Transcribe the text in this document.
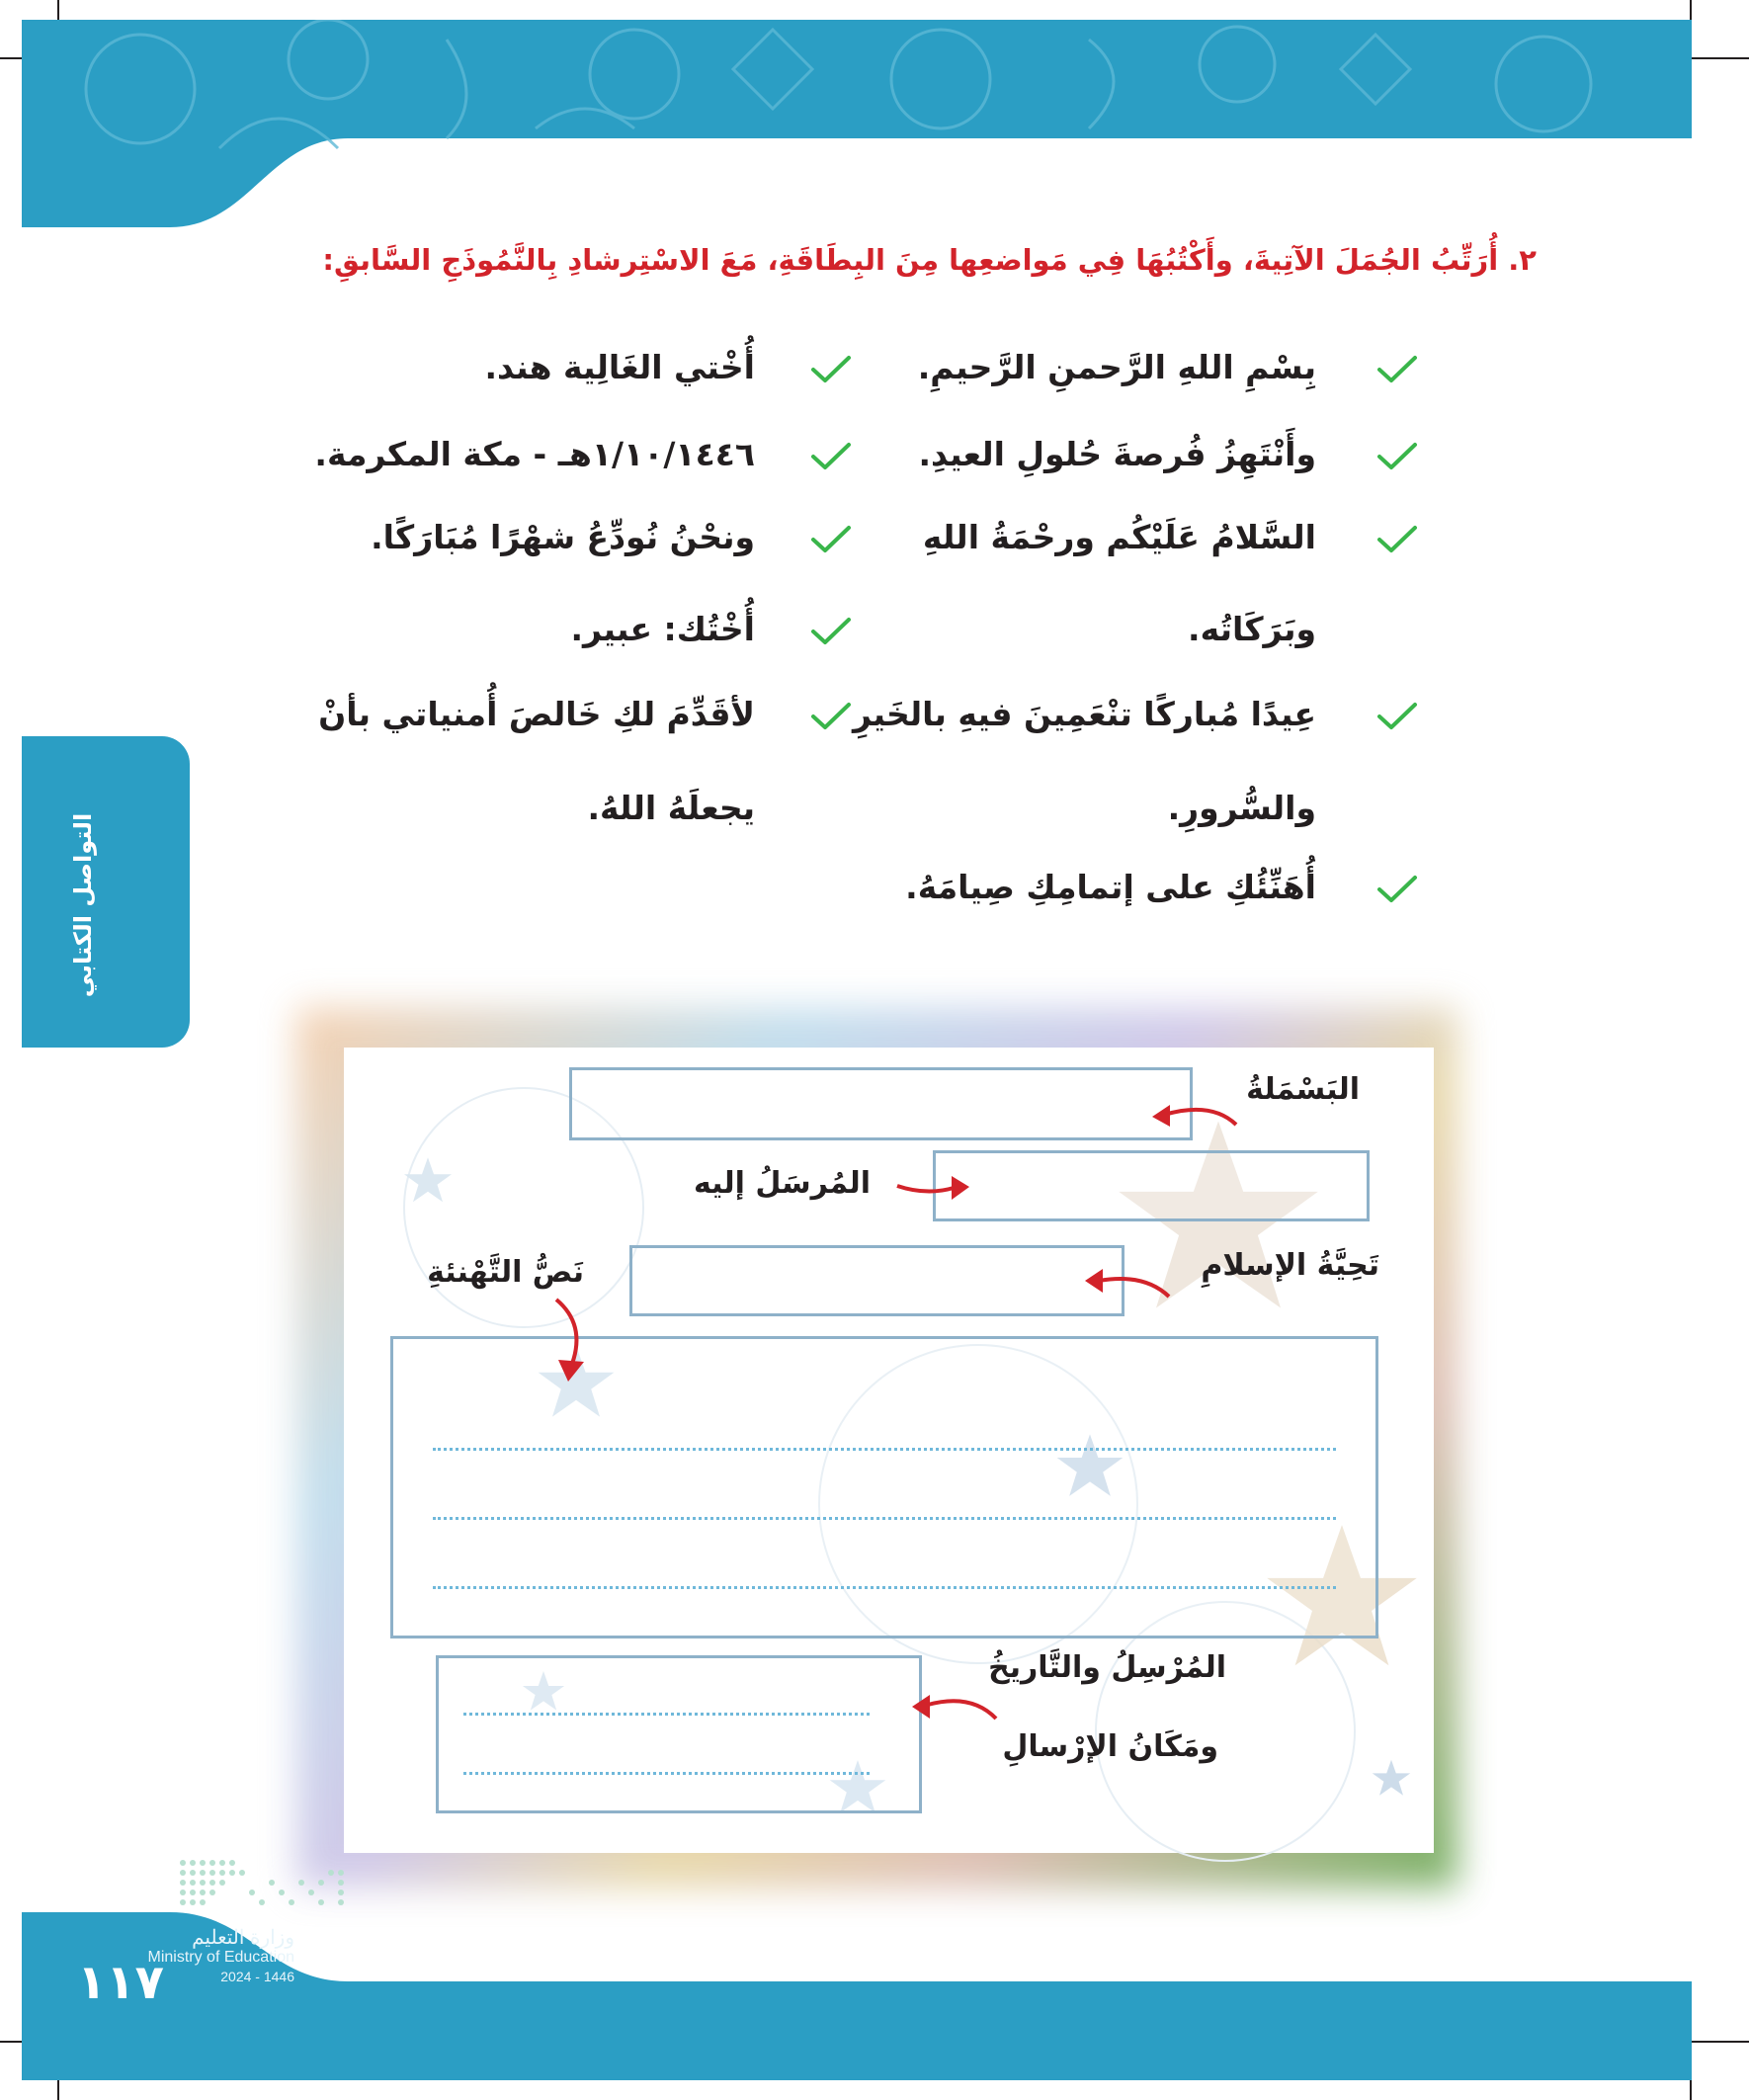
٢. أُرَتِّبُ الجُمَلَ الآتِيةَ، وأَكْتُبُهَا فِي مَواضعِها مِنَ البِطَاقَةِ، مَعَ الاسْتِرشادِ بِالنَّمُوذَجِ السَّابقِ:
بِسْمِ اللهِ الرَّحمنِ الرَّحيمِ.
وأَنْتَهِزُ فُرصةَ حُلولِ العيدِ.
السَّلامُ عَلَيْكُم ورحْمَةُ اللهِ
وبَرَكَاتُه.
عِيدًا مُباركًا تنْعَمِينَ فيهِ بالخَيرِ
والسُّرورِ.
أُهَنِّئُكِ على إتمامِكِ صِيامَهُ.
أُخْتي الغَالِية هند.
١/١٠/١٤٤٦هـ - مكة المكرمة.
ونحْنُ نُودِّعُ شهْرًا مُبَارَكًا.
أُخْتُك: عبير.
لأقَدِّمَ لكِ خَالصَ أُمنياتي بأنْ
يجعلَهُ اللهُ.
التواصل الكتابي
البَسْمَلةُ
المُرسَلُ إليه
تَحِيَّةُ الإسلامِ
نَصُّ التَّهْنئةِ
المُرْسِلُ والتَّاريخُ
ومَكَانُ الإرْسالِ
وزارة التعليم
Ministry of Education
2024 - 1446
١١٧
